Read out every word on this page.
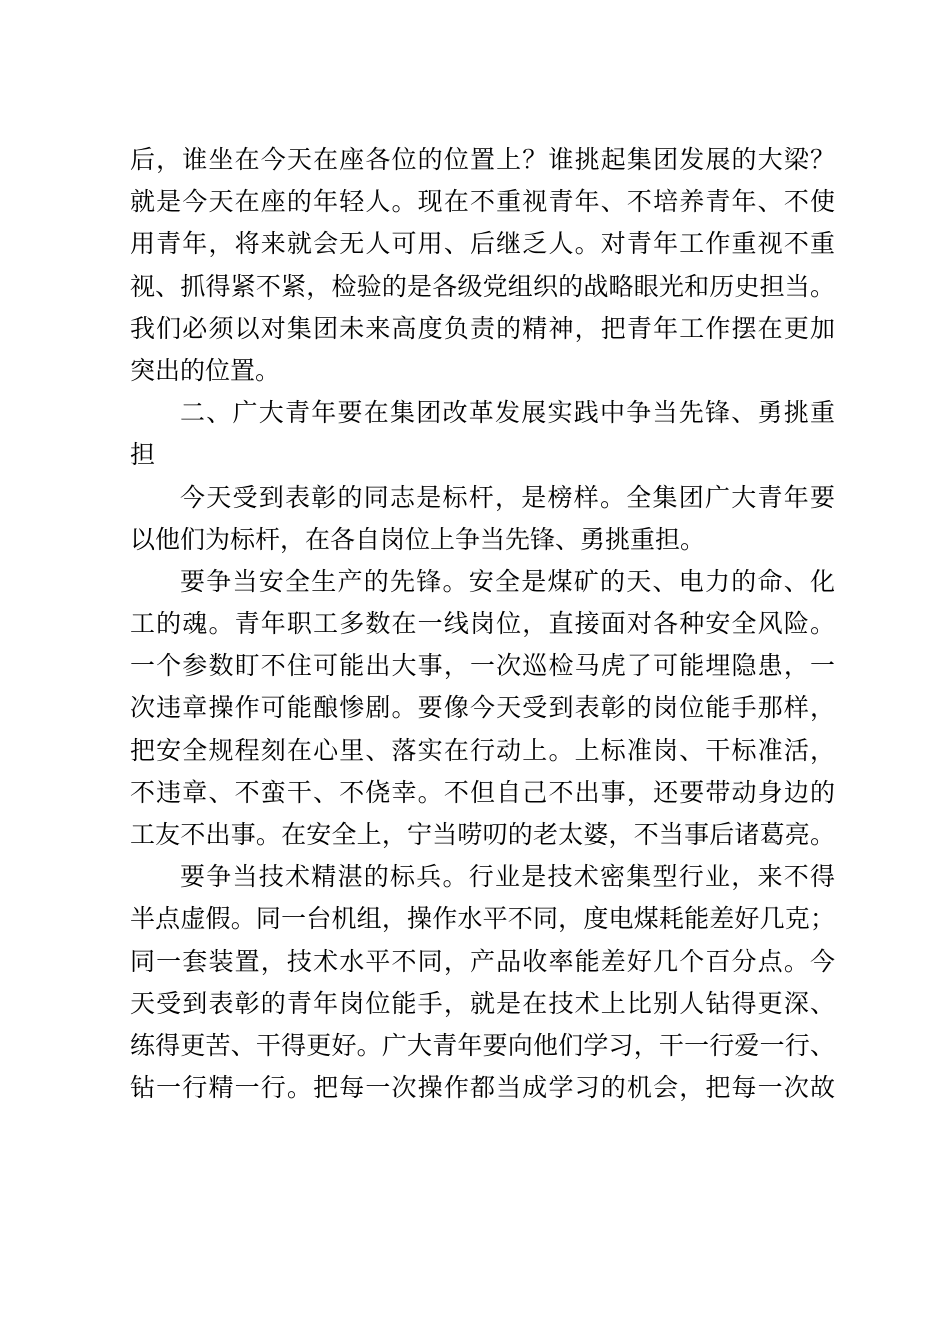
后，谁坐在今天在座各位的位置上？谁挑起集团发展的大梁？
就是今天在座的年轻人。现在不重视青年、不培养青年、不使
用青年，将来就会无人可用、后继乏人。对青年工作重视不重
视、抓得紧不紧，检验的是各级党组织的战略眼光和历史担当。
我们必须以对集团未来高度负责的精神，把青年工作摆在更加
突出的位置。
二、广大青年要在集团改革发展实践中争当先锋、勇挑重
担
今天受到表彰的同志是标杆，是榜样。全集团广大青年要
以他们为标杆，在各自岗位上争当先锋、勇挑重担。
要争当安全生产的先锋。安全是煤矿的天、电力的命、化
工的魂。青年职工多数在一线岗位，直接面对各种安全风险。
一个参数盯不住可能出大事，一次巡检马虎了可能埋隐患，一
次违章操作可能酿惨剧。要像今天受到表彰的岗位能手那样，
把安全规程刻在心里、落实在行动上。上标准岗、干标准活，
不违章、不蛮干、不侥幸。不但自己不出事，还要带动身边的
工友不出事。在安全上，宁当唠叨的老太婆，不当事后诸葛亮。
要争当技术精湛的标兵。行业是技术密集型行业，来不得
半点虚假。同一台机组，操作水平不同，度电煤耗能差好几克；
同一套装置，技术水平不同，产品收率能差好几个百分点。今
天受到表彰的青年岗位能手，就是在技术上比别人钻得更深、
练得更苦、干得更好。广大青年要向他们学习，干一行爱一行、
钻一行精一行。把每一次操作都当成学习的机会，把每一次故
